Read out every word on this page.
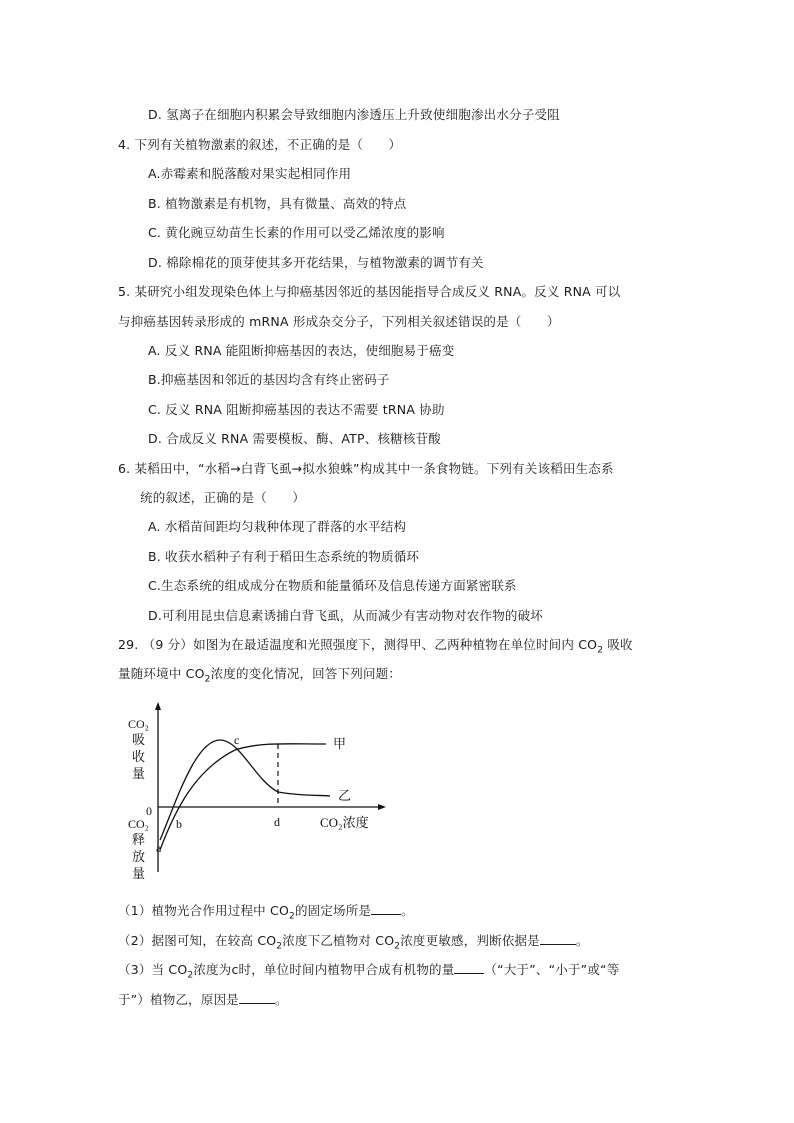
D. 氢离子在细胞内积累会导致细胞内渗透压上升致使细胞渗出水分子受阻
4. 下列有关植物激素的叙述，不正确的是（　　）
A.赤霉素和脱落酸对果实起相同作用
B. 植物激素是有机物，具有微量、高效的特点
C. 黄化豌豆幼苗生长素的作用可以受乙烯浓度的影响
D. 棉除棉花的顶芽使其多开花结果，与植物激素的调节有关
5. 某研究小组发现染色体上与抑癌基因邻近的基因能指导合成反义 RNA。反义 RNA 可以
与抑癌基因转录形成的 mRNA 形成杂交分子，下列相关叙述错误的是（　　）
A. 反义 RNA 能阻断抑癌基因的表达，使细胞易于癌变
B.抑癌基因和邻近的基因均含有终止密码子
C. 反义 RNA 阻断抑癌基因的表达不需要 tRNA 协助
D. 合成反义 RNA 需要模板、酶、ATP、核糖核苷酸
6. 某稻田中，“水稻→白背飞虱→拟水狼蛛”构成其中一条食物链。下列有关该稻田生态系
统的叙述，正确的是（　　）
A. 水稻苗间距均匀栽种体现了群落的水平结构
B. 收获水稻种子有利于稻田生态系统的物质循环
C.生态系统的组成成分在物质和能量循环及信息传递方面紧密联系
D.可利用昆虫信息素诱捕白背飞虱，从而减少有害动物对农作物的破坏
29. （9 分）如图为在最适温度和光照强度下，测得甲、乙两种植物在单位时间内 $CO_2$ 吸收
量随环境中 $CO_2$浓度的变化情况，回答下列问题：
甲
乙
c
b	d
a
0
CO₂
吸
收
量
CO₂
释
放
量
CO₂浓度
（1）植物光合作用过程中 $CO_2$的固定场所是 。
（2）据图可知，在较高 $CO_2$浓度下乙植物对 $CO_2$浓度更敏感，判断依据是	。
（3）当 $CO_2$浓度为c时，单位时间内植物甲合成有机物的量 （“大于”、“小于”或“等
于”）植物乙，原因是	。
